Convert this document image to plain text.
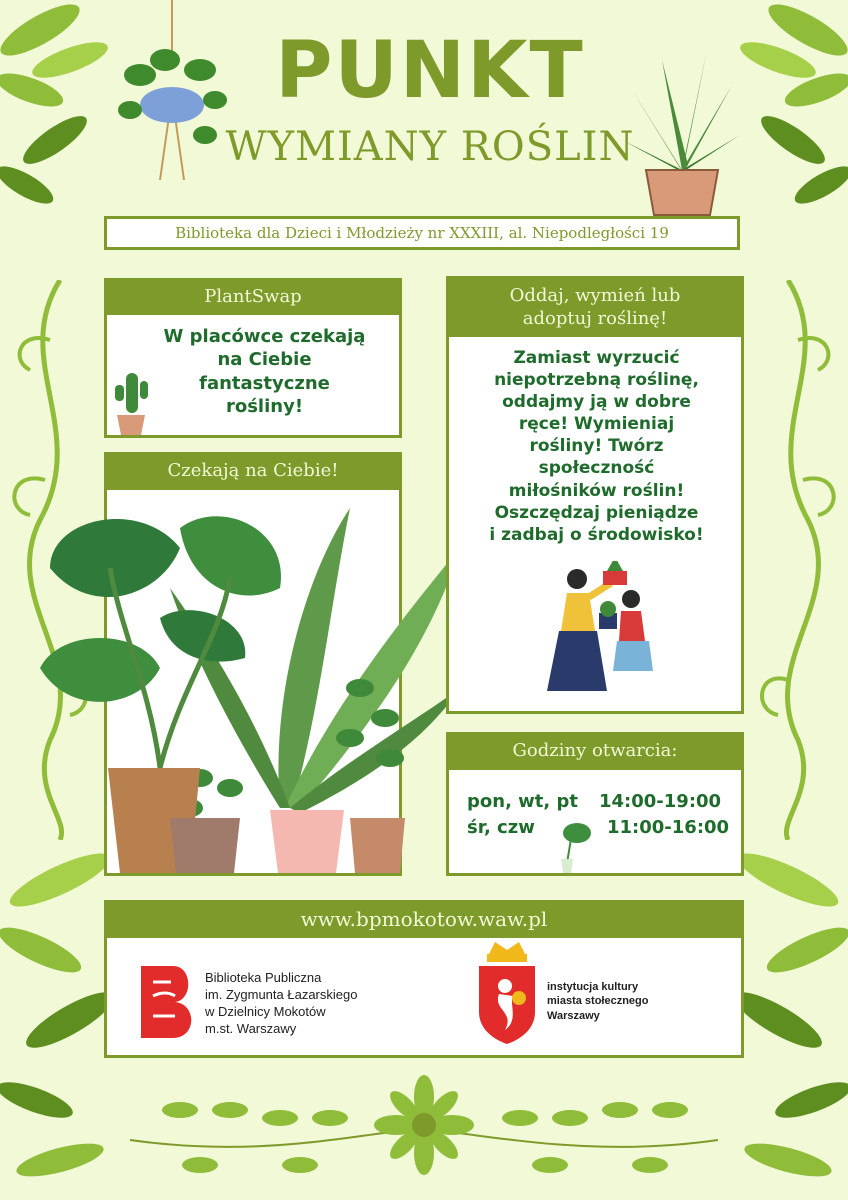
PUNKT
WYMIANY ROŚLIN
Biblioteka dla Dzieci i Młodzieży nr XXXIII, al. Niepodległości 19
PlantSwap
W placówce czekają na Ciebie fantastyczne rośliny!
Czekają na Ciebie!
Oddaj, wymień lub adoptuj roślinę!
Zamiast wyrzucić niepotrzebną roślinę, oddajmy ją w dobre ręce! Wymieniaj rośliny! Twórz społeczność miłośników roślin! Oszczędzaj pieniądze i zadbaj o środowisko!
Godziny otwarcia:
pon, wt, pt 14:00-19:00
śr, czw	11:00-16:00
www.bpmokotow.waw.pl
Biblioteka Publiczna
im. Zygmunta Łazarskiego
w Dzielnicy Mokotów
m.st. Warszawy
instytucja kultury
miasta stołecznego
Warszawy
